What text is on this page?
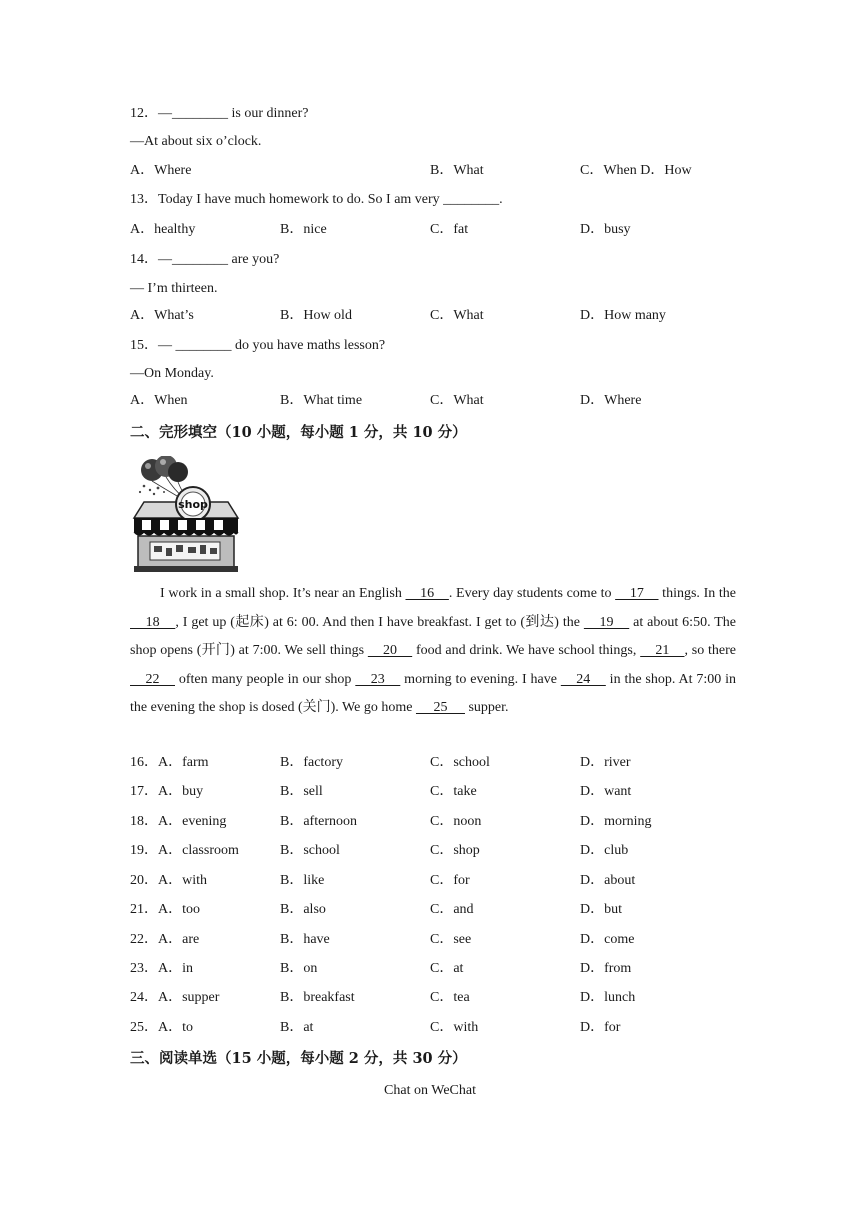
12．—________ is our dinner?
—At about six o’clock.
A．Where	B．What	C．When D．How
13．Today I have much homework to do. So I am very ________.
A．healthy	B．nice	C．fat	D．busy
14．—________ are you?
— I’m thirteen.
A．What’s	B．How old	C．What	D．How many
15．— ________ do you have maths lesson?
—On Monday.
A．When	B．What time	C．What	D．Where
二、完形填空（10 小题，每小题 1 分，共 10 分）
shop
I work in a small shop. It’s near an English     16    . Every day students come to     17     things. In the     18    , I get up (起床) at 6: 00. And then I have breakfast. I get to (到达) the     19     at about 6:50. The shop opens (开门) at 7:00. We sell things     20     food and drink. We have school things,     21    , so there     22     often many people in our shop     23     morning to evening. I have     24     in the shop. At 7:00 in the evening the shop is dosed (关门). We go home      25      supper.
16．A．farm	B．factory	C．school	D．river
17．A．buy	B．sell	C．take	D．want
18．A．evening	B．afternoon	C．noon	D．morning
19．A．classroom	B．school	C．shop	D．club
20．A．with	B．like	C．for	D．about
21．A．too	B．also	C．and	D．but
22．A．are	B．have	C．see	D．come
23．A．in	B．on	C．at	D．from
24．A．supper	B．breakfast	C．tea	D．lunch
25．A．to	B．at	C．with	D．for
三、阅读单选（15 小题，每小题 2 分，共 30 分）
Chat on WeChat
